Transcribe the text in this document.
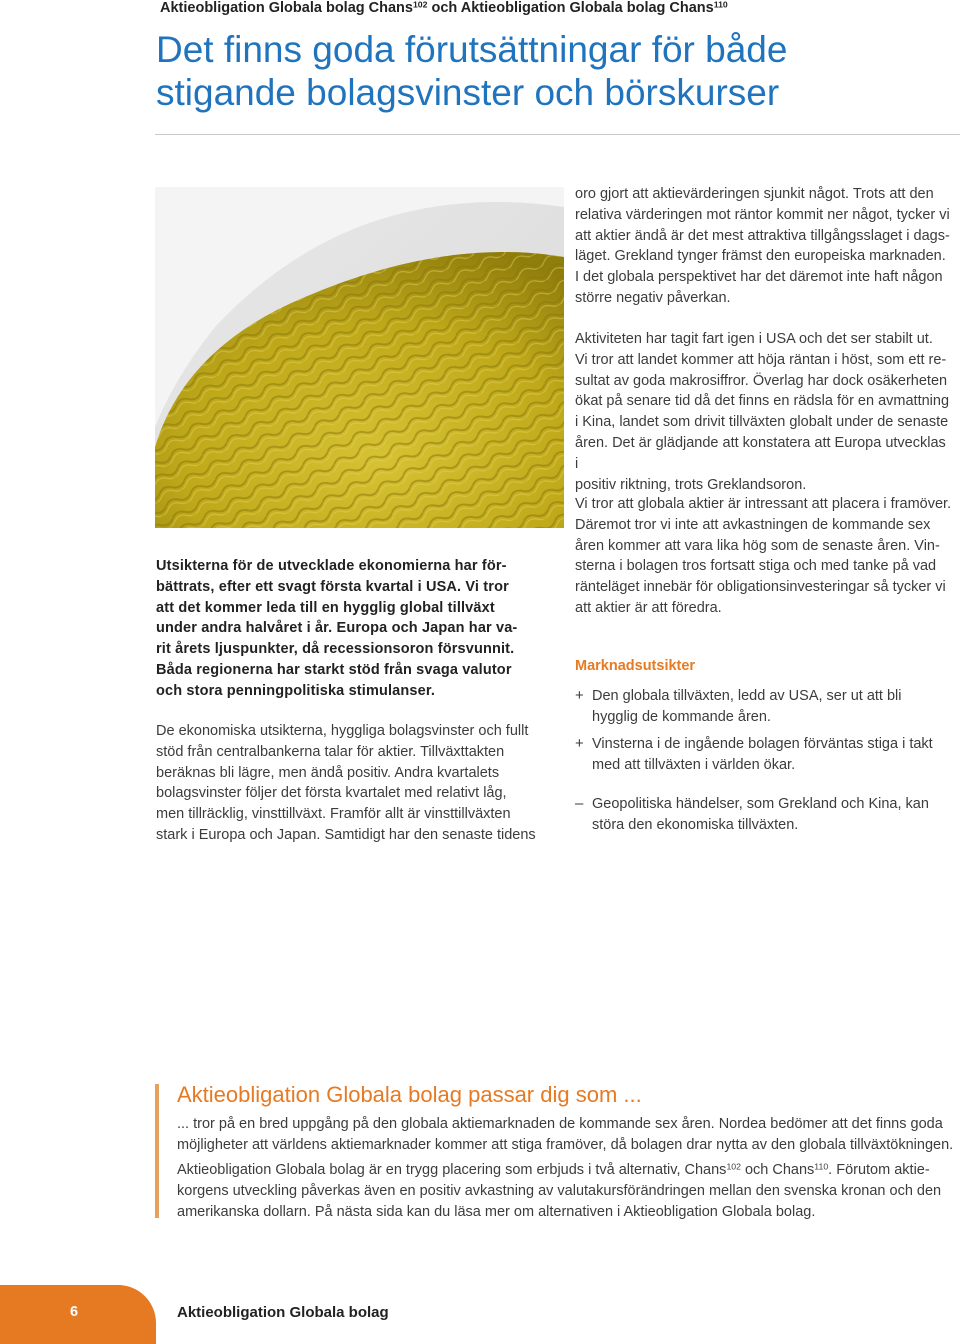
Aktieobligation Globala bolag Chans$^{102}$ och Aktieobligation Globala bolag Chans$^{110}$
Det finns goda förutsättningar för både
stigande bolagsvinster och börskurser
Utsikterna för de utvecklade ekonomierna har för-
bättrats, efter ett svagt första kvartal i USA. Vi tror
att det kommer leda till en hygglig global tillväxt
under andra halvåret i år. Europa och Japan har va-
rit årets ljuspunkter, då recessionsoron försvunnit.
Båda regionerna har starkt stöd från svaga valutor
och stora penningpolitiska stimulanser.
De ekonomiska utsikterna, hyggliga bolagsvinster och fullt
stöd från centralbankerna talar för aktier. Tillväxttakten
beräknas bli lägre, men ändå positiv. Andra kvartalets
bolagsvinster följer det första kvartalet med relativt låg,
men tillräcklig, vinsttillväxt. Framför allt är vinsttillväxten
stark i Europa och Japan. Samtidigt har den senaste tidens
oro gjort att aktievärderingen sjunkit något. Trots att den
relativa värderingen mot räntor kommit ner något, tycker vi
att aktier ändå är det mest attraktiva tillgångsslaget i dags-
läget. Grekland tynger främst den europeiska marknaden.
I det globala perspektivet har det däremot inte haft någon
större negativ påverkan.
Aktiviteten har tagit fart igen i USA och det ser stabilt ut.
Vi tror att landet kommer att höja räntan i höst, som ett re-
sultat av goda makrosiffror. Överlag har dock osäkerheten
ökat på senare tid då det finns en rädsla för en avmattning
i Kina, landet som drivit tillväxten globalt under de senaste
åren. Det är glädjande att konstatera att Europa utvecklas i
positiv riktning, trots Greklandsoron.
Vi tror att globala aktier är intressant att placera i framöver.
Däremot tror vi inte att avkastningen de kommande sex
åren kommer att vara lika hög som de senaste åren. Vin-
sterna i bolagen tros fortsatt stiga och med tanke på vad
ränteläget innebär för obligationsinvesteringar så tycker vi
att aktier är att föredra.
Marknadsutsikter
+ Den globala tillväxten, ledd av USA, ser ut att bli
hygglig de kommande åren.
+ Vinsterna i de ingående bolagen förväntas stiga i takt
med att tillväxten i världen ökar.
– Geopolitiska händelser, som Grekland och Kina, kan
störa den ekonomiska tillväxten.
Aktieobligation Globala bolag passar dig som ...
... tror på en bred uppgång på den globala aktiemarknaden de kommande sex åren. Nordea bedömer att det finns goda
möjligheter att världens aktiemarknader kommer att stiga framöver, då bolagen drar nytta av den globala tillväxtökningen.
Aktieobligation Globala bolag är en trygg placering som erbjuds i två alternativ, Chans$^{102}$ och Chans$^{110}$. Förutom aktie-
korgens utveckling påverkas även en positiv avkastning av valutakursförändringen mellan den svenska kronan och den
amerikanska dollarn. På nästa sida kan du läsa mer om alternativen i Aktieobligation Globala bolag.
6	Aktieobligation Globala bolag
